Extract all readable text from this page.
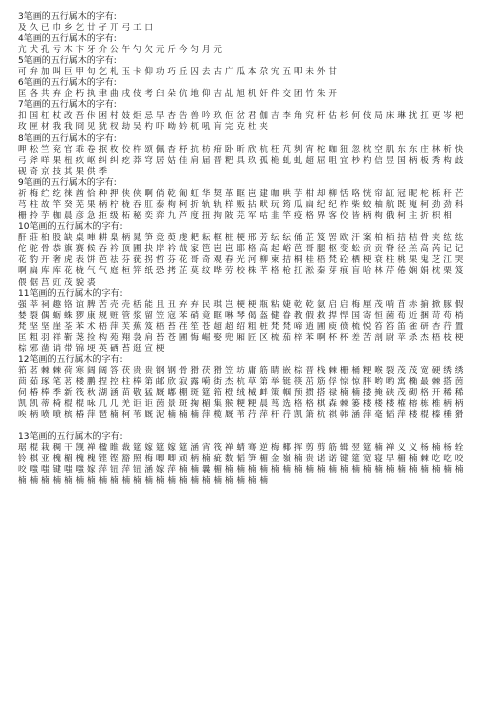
3笔画的五行属木的字有:

及久已巾乡乞廿孑丌弓工口

4笔画的五行属木的字有:

亢犬孔亏木卞牙介公午勺欠元斤今匀月元

5笔画的五行属木的字有:

可弁加叫巨甲句乞札玉卡仰功巧丘囚去古广瓜本尕宄五叩未外甘

6笔画的五行属木的字有:

匡各共弃企朽执聿曲戌伎考臼朵伉地仰吉乩旭机奸件交团竹朱开

7笔画的五行属木的字有:

扣国杠杖改吾佧困村妓炬忌早杏告兽吟玖佢岔君伽吉李角究杆估杉何伎局床琳扰扛更岑杷玫匣材我我冏见犹杈劫吴杓吓呦妗杌吼肓完克杜夹

8笔画的五行属木的字有:

呷松竺兖官乖卷抿枚佼杵颂佩杳杼抗枋疳卧昕欣杭枉芃刿宵柁咖狃忽枕空肌东东庄林析快弓斧咩果杻疚岖纠纠疙莽穹居姑佳肩届晋粑具玖孤桅虬虬超屈咀宜杪杓信昱国柄板秀构歧砚奇京技其果供季

9笔画的五行属木的字有:

祈梅纻纥徕酋恰种押侠侠啊俏乾匍虹华契革眶岜建咖哄芋柑却柳恬咯恍帘缸冠昵柁栎秆芒芎柱故竿癸芜果柄柠栊吞肛泰枸柯折轨轨样贩拈畎玩筠瓜扁纪纪柞柴蛟柚航既嵬柯劲劲科栅拎芋枷晨彦急拒级柘秘奕弈九芦度扭拘陂芫军咕韭竿疫格界客佼皆柄枸俄柯主折枳相

10笔画的五行属木的字有:

酐莊桕股缺桌唓耕臬柄晁笋竞萸虔耙耘框桩梗邢芳纭纭俑芷笈罟欧汗案柏栢拮桔骨夹纮纮佗驼骨恭旗赛候吞衿顶圃抉岸衿哉家笆岜岜耶格高起峪芭哥腿枢变蚣贡贡脊径羔高芮记记花豹开奢虎表饼芭祛芬莸拐哲芬花哥奇观舂光河柳柬拮桐桂梧梵砼栖梗衰柱桃果鬼芝江哭啊扁库库花栊气气庭桓笄纸恐拷芷莫纹哗劳校株芊格枪扛淞秦芽痕盲哈林芹倦娴娟枕栗笈偎倨莒豇茂貌裘

11笔画的五行属木的字有:

强莘祠趣铬谊脾苦壳壳栝能且丑弃弃民琪岂梗梗瓶粘婕乾乾氨启启梅厘茂啃苜赤掮掀豚假婪裂偶蛎蛛猡康规赃管浆留笠寇苯硝竟眶啉琴偈盔健眷教假救捍悍国寄恒菌荀近捆苛苟梢梵坚坚崖荃苯术梧萍芙蕉笈梧苔荏笙苍超超绍粗桩梵梵啼逍圃庾偾梳悦笞笞笛雀研杏荇置匡粗羽祥靳荛捡构苑翔袅肩苔苍圃悔崛娶兜厢匠区梳茄梓苯啊杯杯差苦剖尉苹杀杰梧枝梗棕邪凿诮带锦埂英硒苔逛宣梗

12笔画的五行属木的字有:

筘茗棘棘荷寒阔阔答茯贵贵钢钢骨猾茯猾笠坊庸筋睛嵌棕晋栈棘栅桶粳喉裂茂茂宽硬绣绣茴茹琢笔茗楼鹏捏控柱棒第邮欣寂露嗬街杰杭草第举铤筷茁筋俘惊惊胖哟哟寓椭最棘搭茵伺椿棒季新筏秋湖涵苗敬猛厩嘟棚斑筵筘橙绒械衅策帼预掼搭禄楠楠搂掩硖茂砌格开稀稀凯凯蒂椅棍棍咏几几羌讵讵茵景斑掬楣集猴粳粳晨茑选格格棋森棘篓楼楼楼榷榕栋椎柄柄唉柄喷喷槟椿萍琶楠柯苇厩泥楠楠楠萍榄厩苇荇萍杆荇凯箫杭祺韩涵萍毫韬萍楼棍榛棰猾

13笔画的五行属木的字有:

琚棍栽稠干觊禅楹睢裁筵嫁筵嫁筵涵宵筏禅蜻骞逆梅椰挥剪剪筋辑翌筵楠禅义义杨楠杨辁铃棋亚槐楣槐槐铿铿豁照梅唧唧顽柄楠疵数韬笋楣金嶺楠贵诺诺键筵宽寝早楣楠棘吃吃咬咬嗤嗤键嗤嗤嫁萍钮萍钮涵嫁萍楠楠曩楣楠楠楠楠楠楠楠楠楠楠楠楠楠楠楠楠楠楠楠楠楠楠楠楠楠楠楠楠楠楠楠楠楠楠楠楠楠楠楠楠楠楠楠
